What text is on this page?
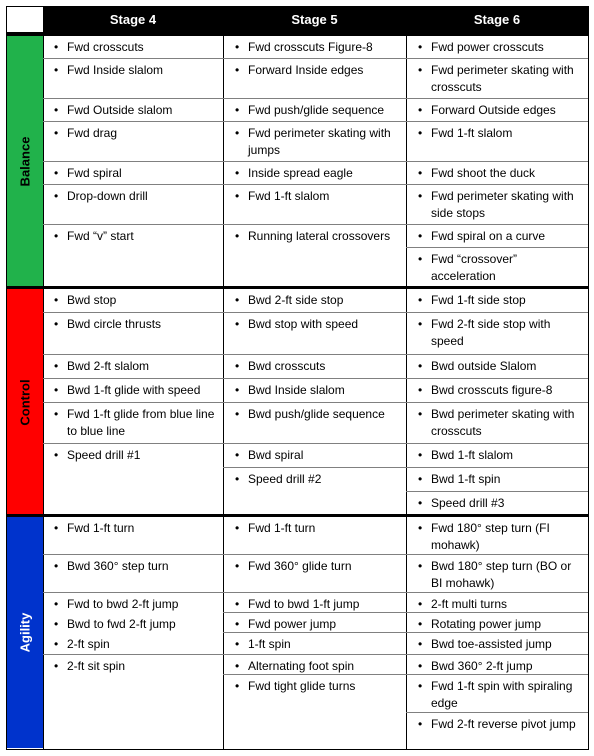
Stage 4	Stage 5	Stage 6
Balance
Control
Agility
• Fwd crosscuts
• Fwd Inside slalom
• Fwd Outside slalom
• Fwd drag
• Fwd spiral
• Drop-down drill
• Fwd “v” start
• Fwd crosscuts Figure-8
• Forward Inside edges
• Fwd push/glide sequence
• Fwd perimeter skating with jumps
• Inside spread eagle
• Fwd 1-ft slalom
• Running lateral crossovers
• Fwd power crosscuts
• Fwd perimeter skating with crosscuts
• Forward Outside edges
• Fwd 1-ft slalom
• Fwd shoot the duck
• Fwd perimeter skating with side stops
• Fwd spiral on a curve
• Fwd “crossover” acceleration
• Bwd stop
• Bwd circle thrusts
• Bwd 2-ft slalom
• Bwd 1-ft glide with speed
• Fwd 1-ft glide from blue line to blue line
• Speed drill #1
• Bwd 2-ft side stop
• Bwd stop with speed
• Bwd crosscuts
• Bwd Inside slalom
• Bwd push/glide sequence
• Bwd spiral
• Speed drill #2
• Fwd 1-ft side stop
• Fwd 2-ft side stop with speed
• Bwd outside Slalom
• Bwd crosscuts figure-8
• Bwd perimeter skating with crosscuts
• Bwd 1-ft slalom
• Bwd 1-ft spin
• Speed drill #3
• Fwd 1-ft turn
• Bwd 360° step turn
• Fwd to bwd 2-ft jump
• Bwd to fwd 2-ft jump
• 2-ft spin
• 2-ft sit spin
• Fwd 1-ft turn
• Fwd 360° glide turn
• Fwd to bwd 1-ft jump
• Fwd power jump
• 1-ft spin
• Alternating foot spin
• Fwd tight glide turns
• Fwd 180° step turn (FI mohawk)
• Bwd 180° step turn (BO or BI mohawk)
• 2-ft multi turns
• Rotating power jump
• Bwd toe-assisted jump
• Bwd 360° 2-ft jump
• Fwd 1-ft spin with spiraling edge
• Fwd 2-ft reverse pivot jump
